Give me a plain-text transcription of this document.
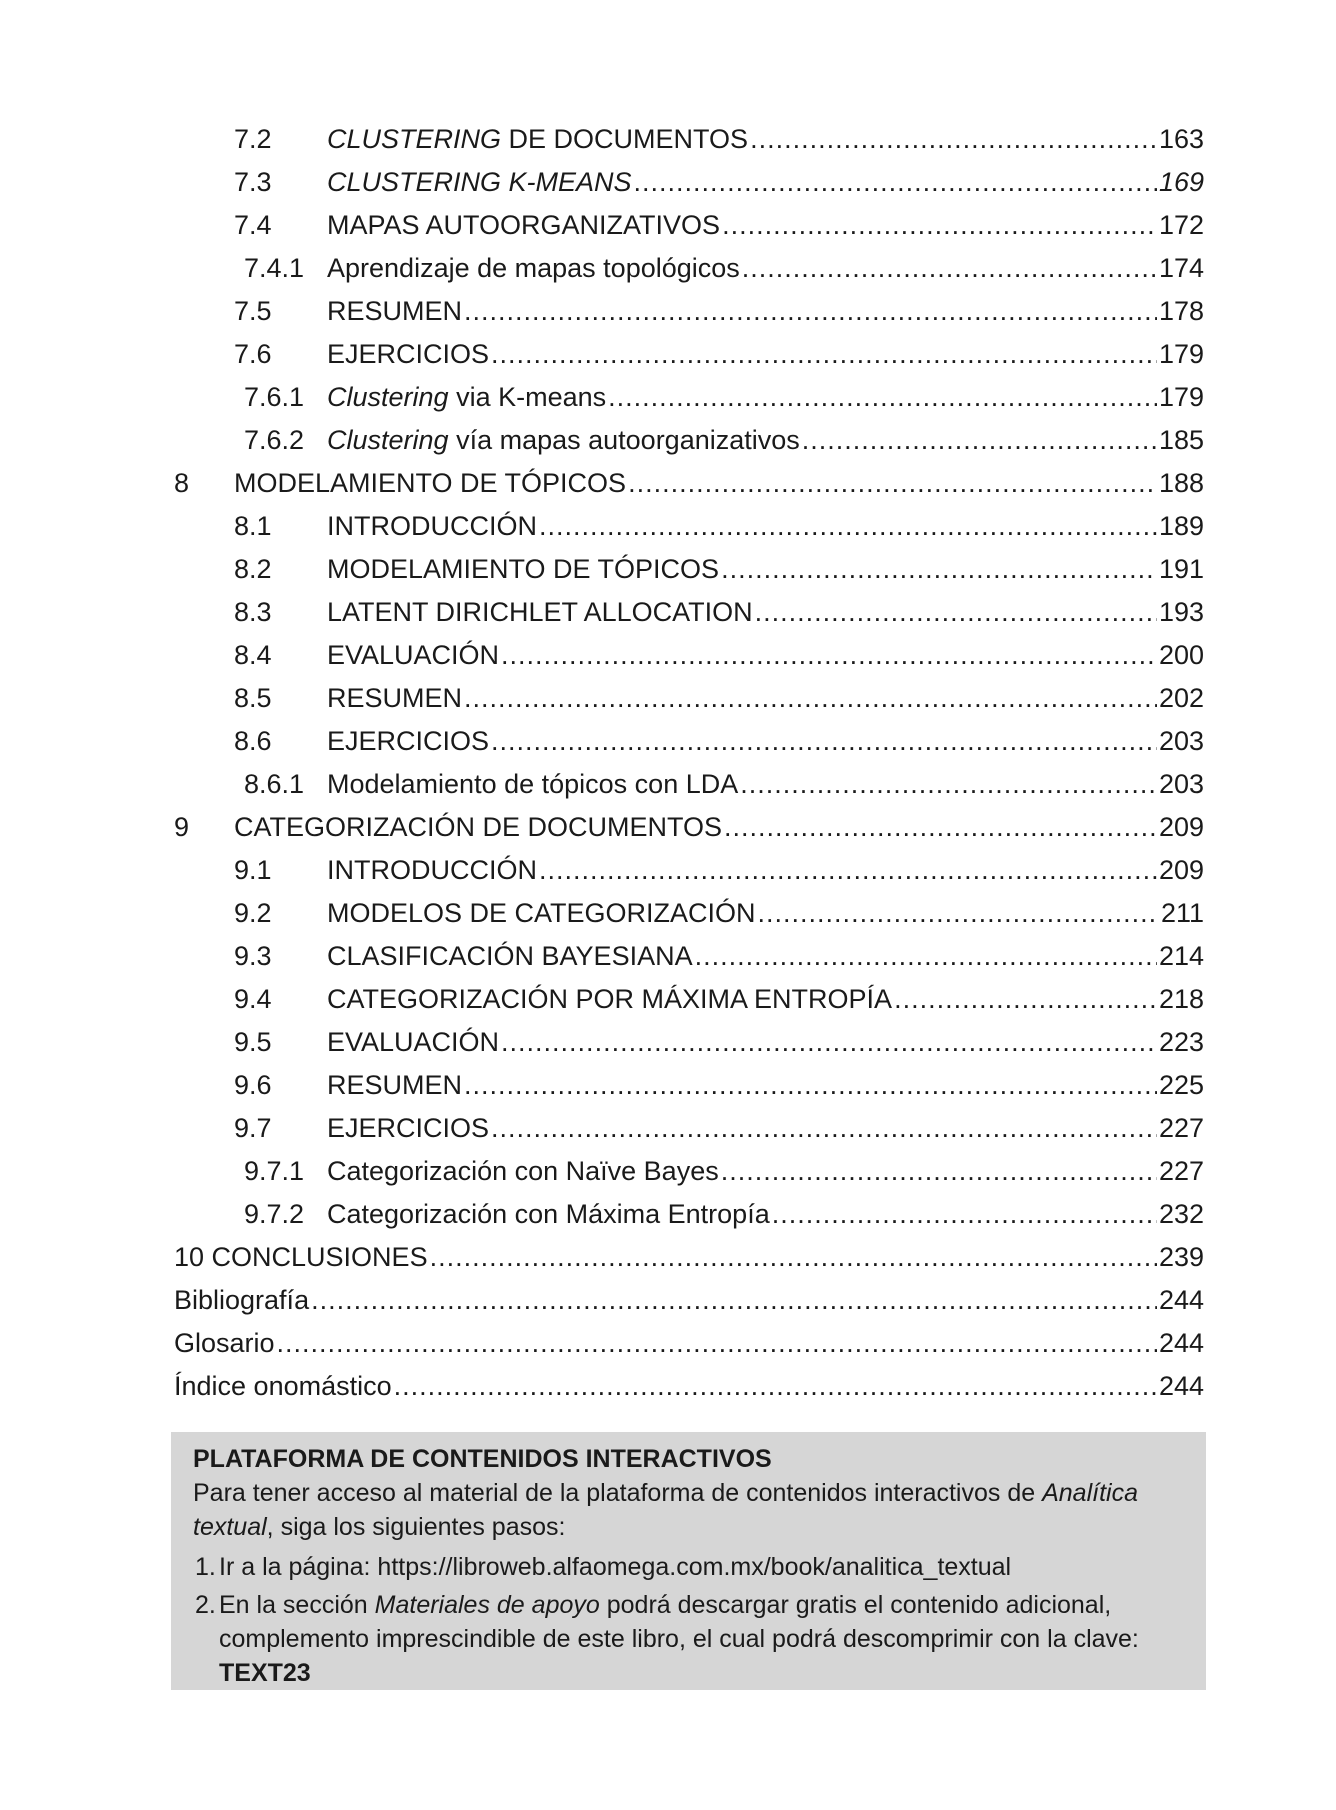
7.2 CLUSTERING DE DOCUMENTOS .....	163
7.3 CLUSTERING K-MEANS .....	169
7.4 MAPAS AUTOORGANIZATIVOS .....	172
7.4.1 Aprendizaje de mapas topológicos .....	174
7.5 RESUMEN .....	178
7.6 EJERCICIOS .....	179
7.6.1 Clustering via K-means .....	179
7.6.2 Clustering vía mapas autoorganizativos .....	185
8 MODELAMIENTO DE TÓPICOS .....	188
8.1 INTRODUCCIÓN .....	189
8.2 MODELAMIENTO DE TÓPICOS .....	191
8.3 LATENT DIRICHLET ALLOCATION .....	193
8.4 EVALUACIÓN .....	200
8.5 RESUMEN .....	202
8.6 EJERCICIOS .....	203
8.6.1 Modelamiento de tópicos con LDA .....	203
9 CATEGORIZACIÓN DE DOCUMENTOS .....	209
9.1 INTRODUCCIÓN .....	209
9.2 MODELOS DE CATEGORIZACIÓN .....	211
9.3 CLASIFICACIÓN BAYESIANA .....	214
9.4 CATEGORIZACIÓN POR MÁXIMA ENTROPÍA .....	218
9.5 EVALUACIÓN .....	223
9.6 RESUMEN .....	225
9.7 EJERCICIOS .....	227
9.7.1 Categorización con Naïve Bayes .....	227
9.7.2 Categorización con Máxima Entropía .....	232
10 CONCLUSIONES .....	239
Bibliografía .....	244
Glosario .....	244
Índice onomástico .....	244

PLATAFORMA DE CONTENIDOS INTERACTIVOS

Para tener acceso al material de la plataforma de contenidos interactivos de Analítica textual, siga los siguientes pasos:

1. Ir a la página: https://libroweb.alfaomega.com.mx/book/analitica_textual
2. En la sección Materiales de apoyo podrá descargar gratis el contenido adicional, complemento imprescindible de este libro, el cual podrá descomprimir con la clave: TEXT23
